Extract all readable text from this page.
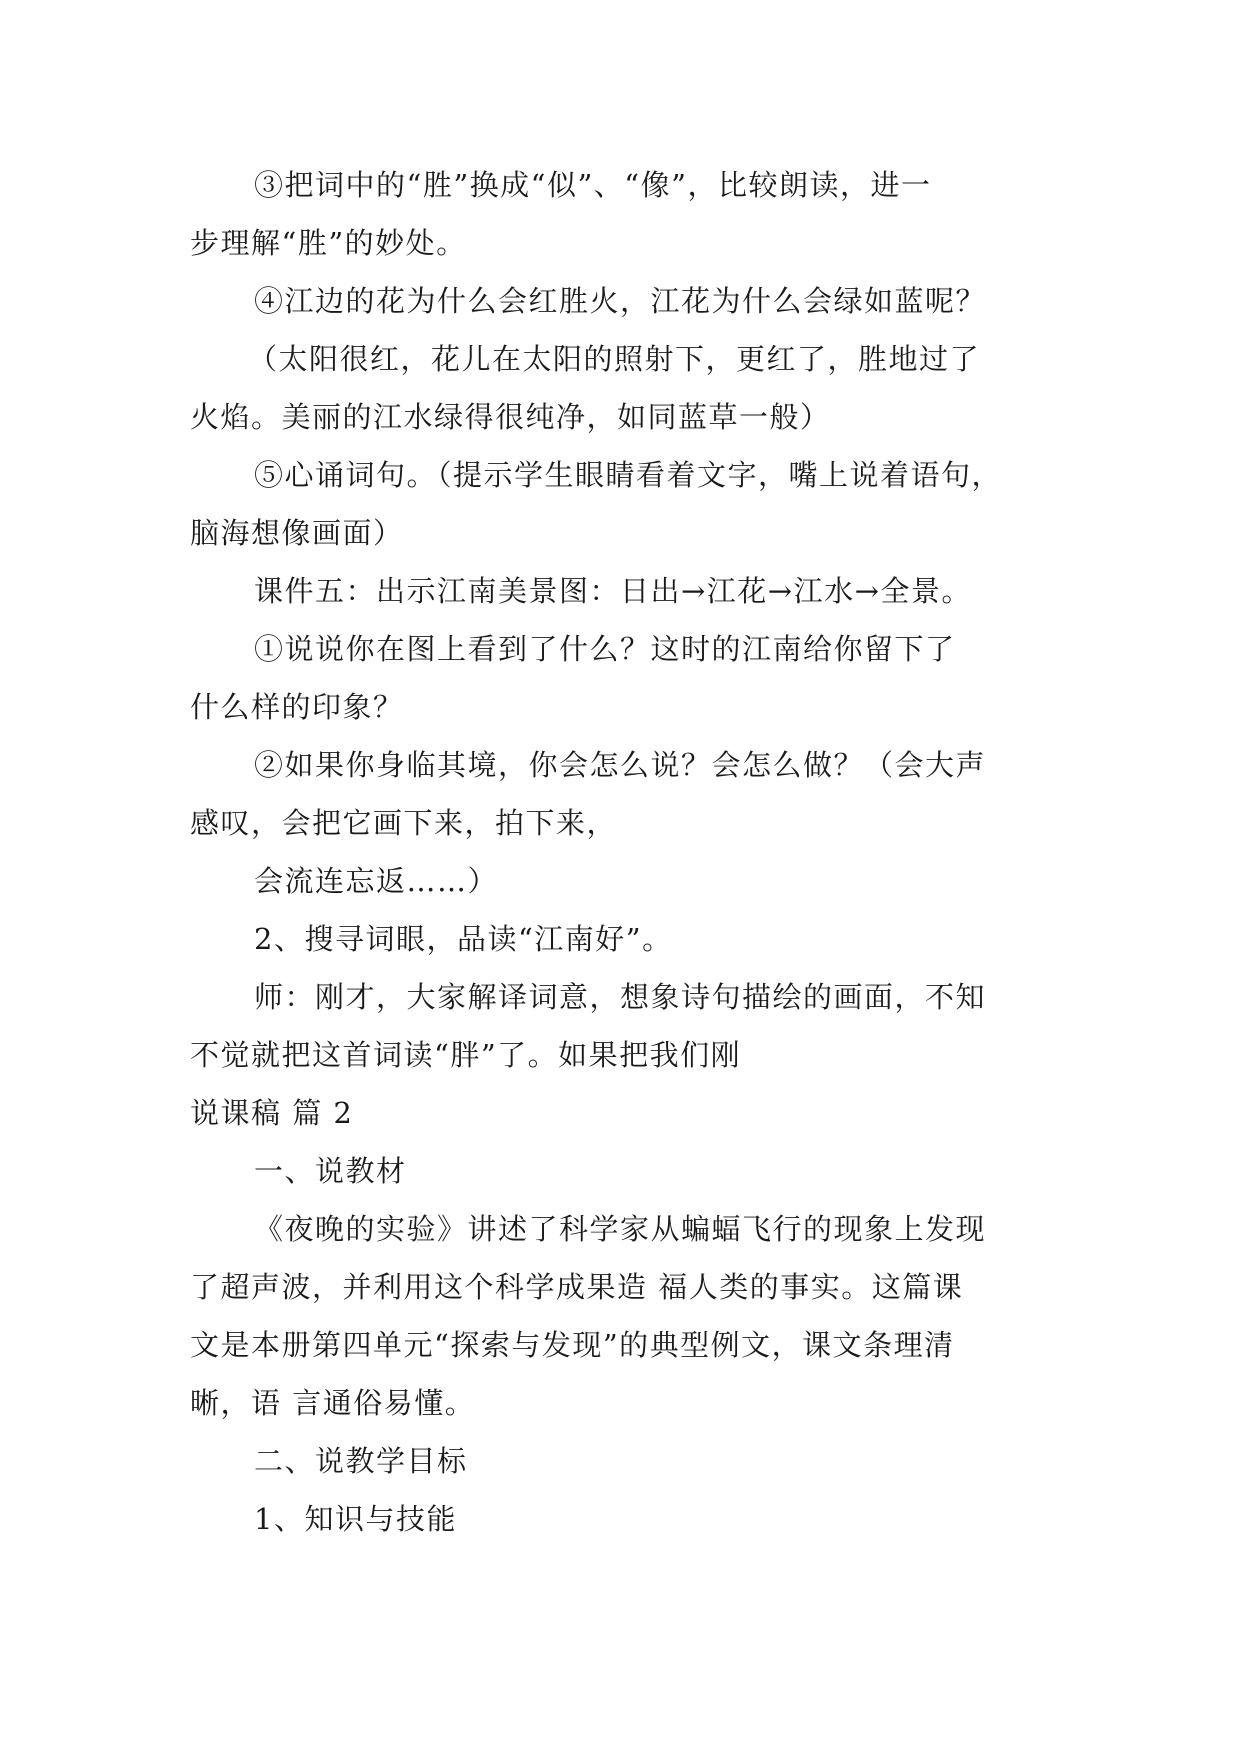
③把词中的“胜”换成“似”、“像”，比较朗读，进一
步理解“胜”的妙处。
④江边的花为什么会红胜火，江花为什么会绿如蓝呢？
（太阳很红，花儿在太阳的照射下，更红了，胜地过了
火焰。美丽的江水绿得很纯净，如同蓝草一般）
⑤心诵词句。（提示学生眼睛看着文字，嘴上说着语句，
脑海想像画面）
课件五：出示江南美景图：日出→江花→江水→全景。
①说说你在图上看到了什么？这时的江南给你留下了
什么样的印象？
②如果你身临其境，你会怎么说？会怎么做？（会大声
感叹，会把它画下来，拍下来，
会流连忘返……）
2、搜寻词眼，品读“江南好”。
师：刚才，大家解译词意，想象诗句描绘的画面，不知
不觉就把这首词读“胖”了。如果把我们刚
说课稿 篇 2
一、说教材
《夜晚的实验》讲述了科学家从蝙蝠飞行的现象上发现
了超声波，并利用这个科学成果造 福人类的事实。这篇课
文是本册第四单元“探索与发现”的典型例文，课文条理清
晰，语 言通俗易懂。
二、说教学目标
1、知识与技能
